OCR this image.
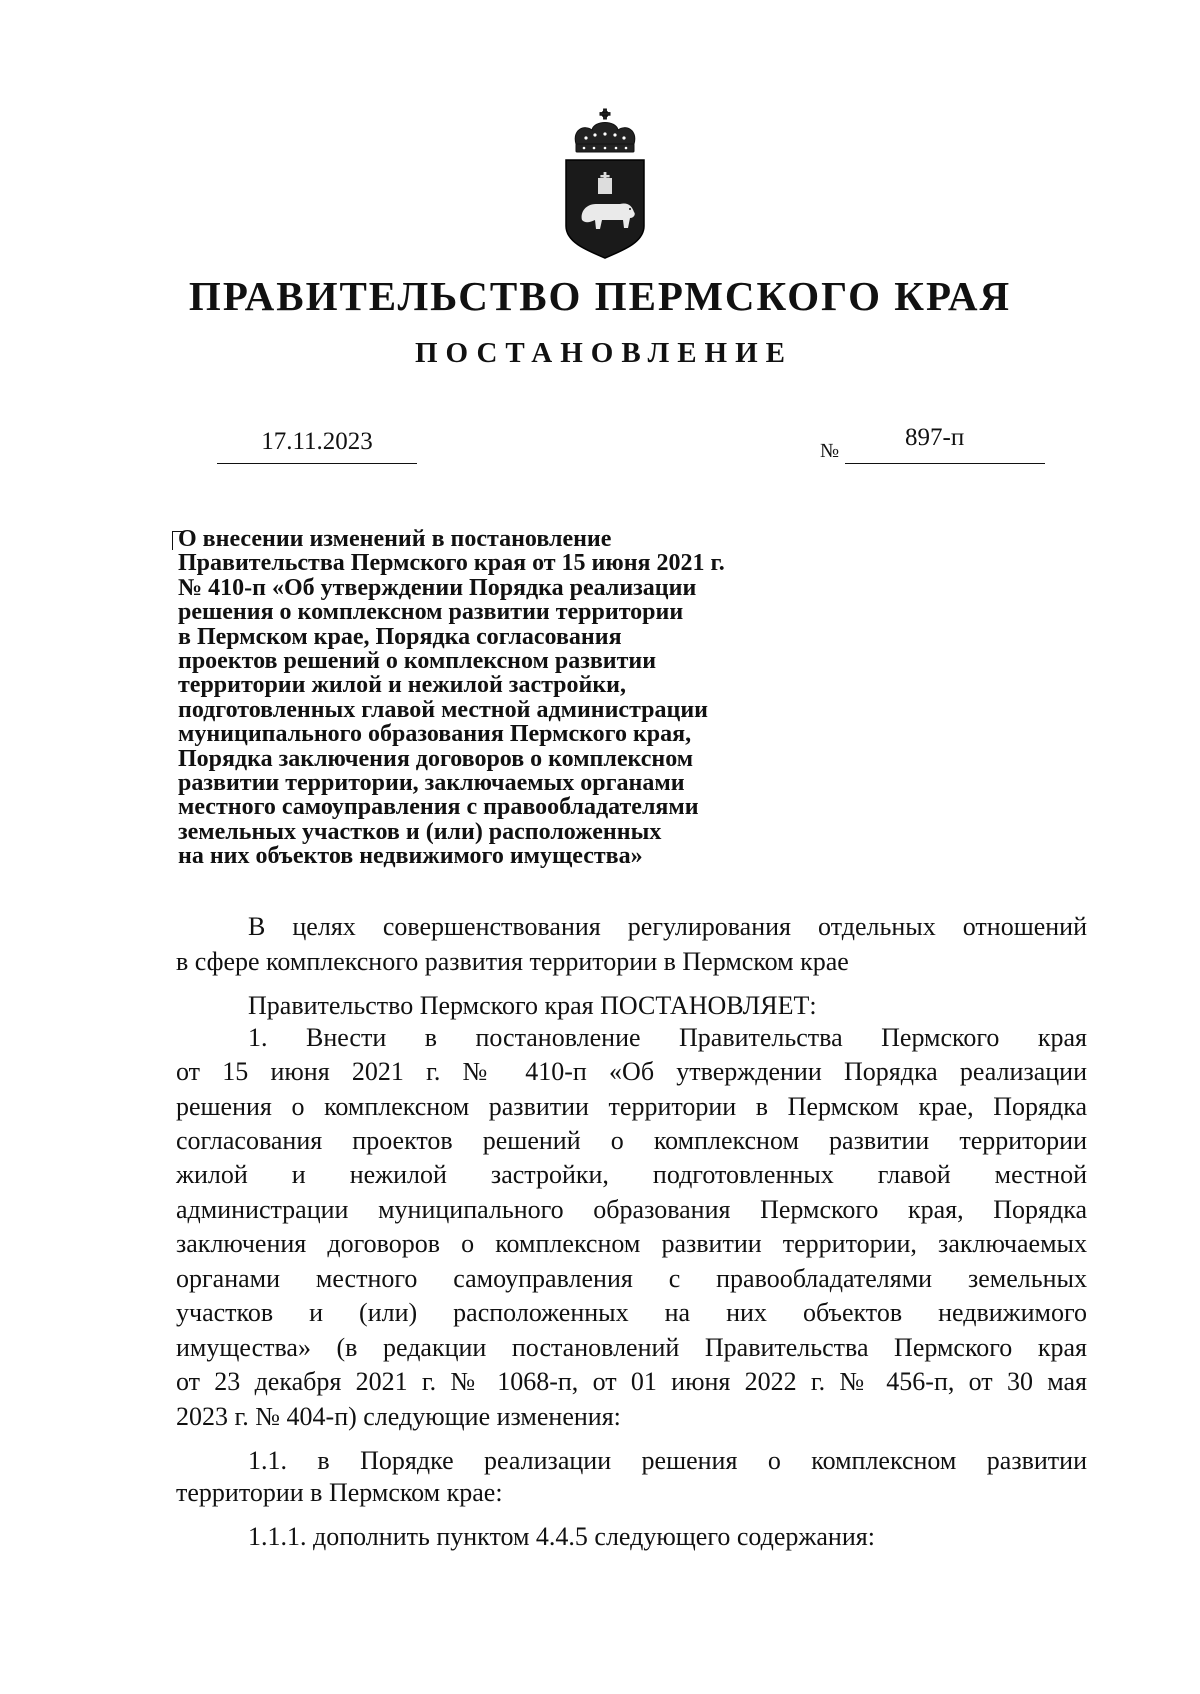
ПРАВИТЕЛЬСТВО ПЕРМСКОГО КРАЯ
ПОСТАНОВЛЕНИЕ
17.11.2023	№	897-п
О внесении изменений в постановление
Правительства Пермского края от 15 июня 2021 г.
№ 410-п «Об утверждении Порядка реализации
решения о комплексном развитии территории
в Пермском крае, Порядка согласования
проектов решений о комплексном развитии
территории жилой и нежилой застройки,
подготовленных главой местной администрации
муниципального образования Пермского края,
Порядка заключения договоров о комплексном
развитии территории, заключаемых органами
местного самоуправления с правообладателями
земельных участков и (или) расположенных
на них объектов недвижимого имущества»
В целях совершенствования регулирования отдельных отношений
в сфере комплексного развития территории в Пермском крае
Правительство Пермского края ПОСТАНОВЛЯЕТ:
1. Внести в постановление Правительства Пермского края
от 15 июня 2021 г. № 410-п «Об утверждении Порядка реализации
решения о комплексном развитии территории в Пермском крае, Порядка
согласования проектов решений о комплексном развитии территории
жилой и нежилой застройки, подготовленных главой местной
администрации муниципального образования Пермского края, Порядка
заключения договоров о комплексном развитии территории, заключаемых
органами местного самоуправления с правообладателями земельных
участков и (или) расположенных на них объектов недвижимого
имущества» (в редакции постановлений Правительства Пермского края
от 23 декабря 2021 г. № 1068-п, от 01 июня 2022 г. № 456-п, от 30 мая
2023 г. № 404-п) следующие изменения:
1.1. в Порядке реализации решения о комплексном развитии
территории в Пермском крае:
1.1.1. дополнить пунктом 4.4.5 следующего содержания:
